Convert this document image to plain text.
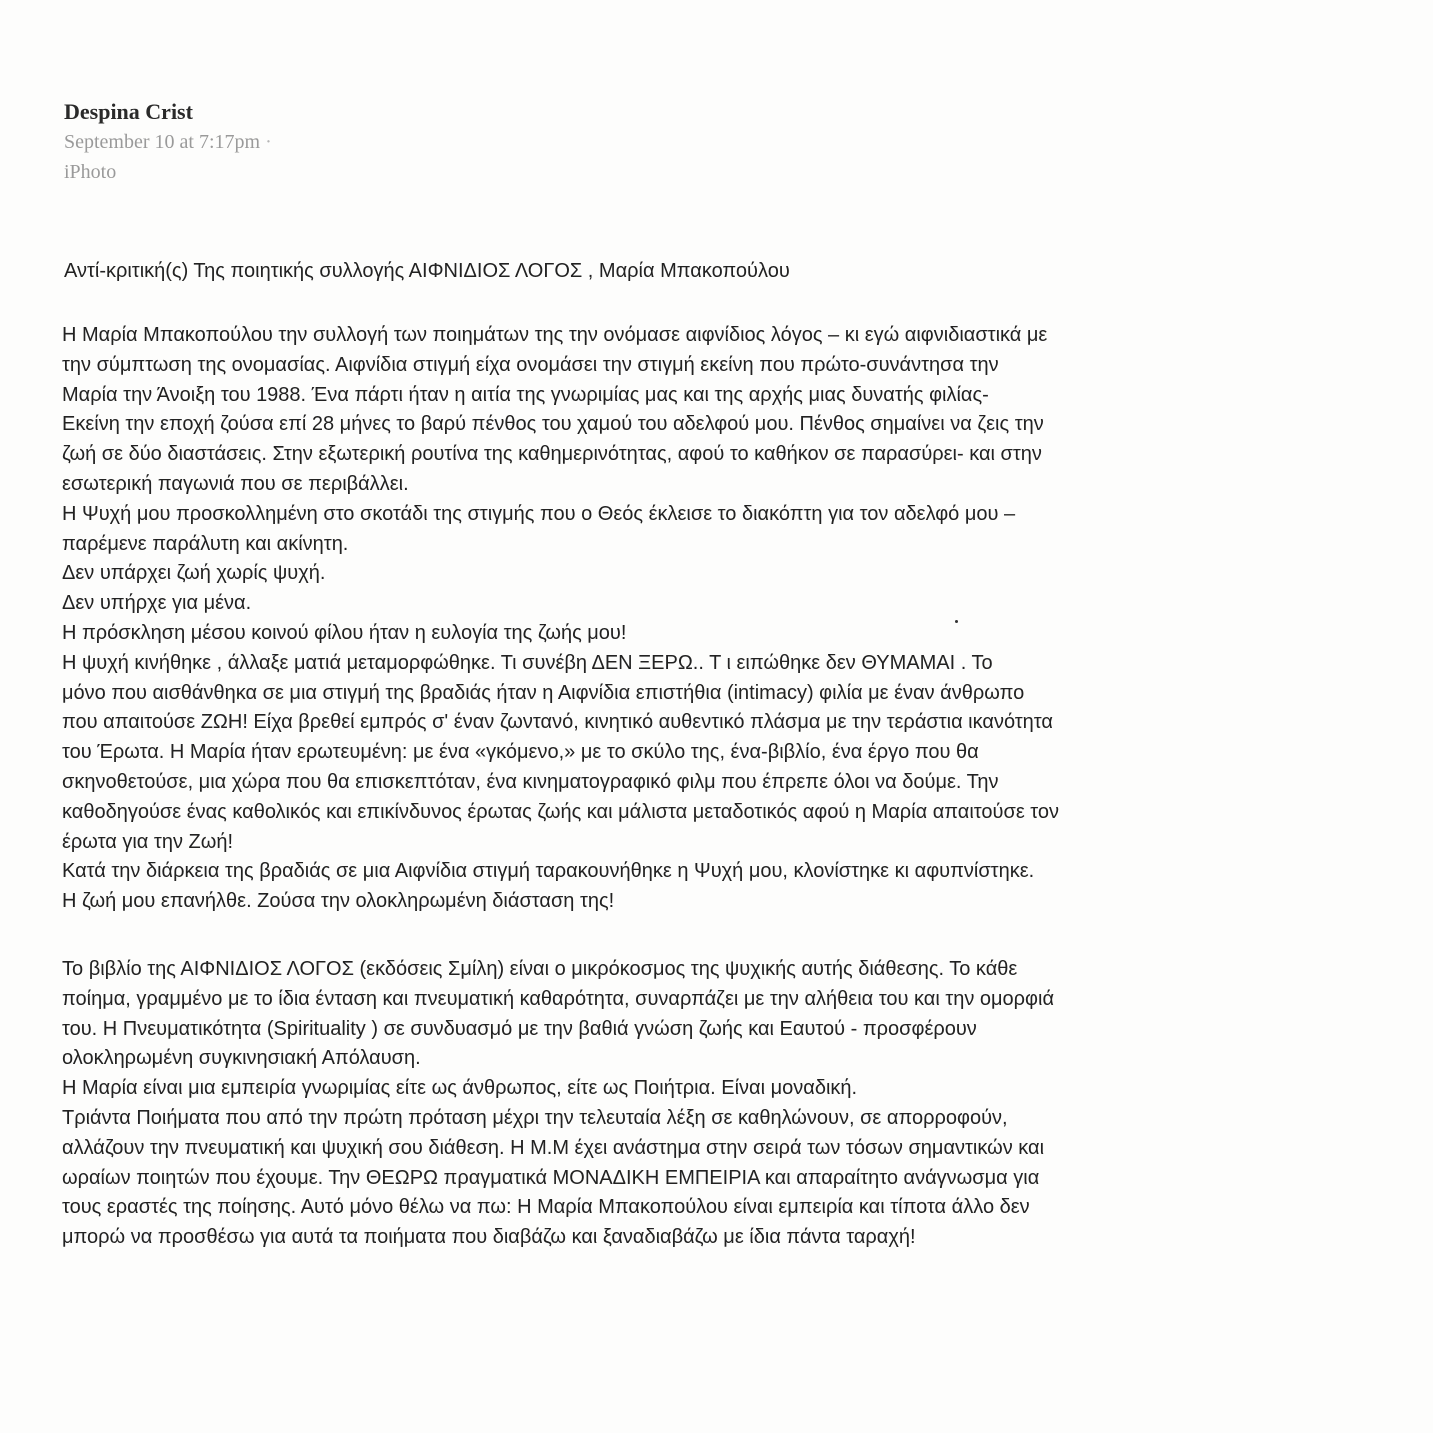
Despina Crist

September 10 at 7:17pm ·

iPhoto

Αντί-κριτική(ς) Της ποιητικής συλλογής ΑΙΦΝΙΔΙΟΣ ΛΟΓΟΣ , Μαρία Μπακοπούλου
Η Μαρία Μπακοπούλου την συλλογή των ποιημάτων της την ονόμασε αιφνίδιος λόγος – κι εγώ αιφνιδιαστικά με
την σύμπτωση της ονομασίας. Αιφνίδια στιγμή είχα ονομάσει την στιγμή εκείνη που πρώτο-συνάντησα την
Μαρία την Άνοιξη του 1988. Ένα πάρτι ήταν η αιτία της γνωριμίας μας και της αρχής μιας δυνατής φιλίας-
Εκείνη την εποχή ζούσα επί 28 μήνες το βαρύ πένθος του χαμού του αδελφού μου. Πένθος σημαίνει να ζεις την
ζωή σε δύο διαστάσεις. Στην εξωτερική ρουτίνα της καθημερινότητας, αφού το καθήκον σε παρασύρει- και στην
εσωτερική παγωνιά που σε περιβάλλει.
Η Ψυχή μου προσκολλημένη στο σκοτάδι της στιγμής που ο Θεός έκλεισε το διακόπτη για τον αδελφό μου –
παρέμενε παράλυτη και ακίνητη.
Δεν υπάρχει ζωή χωρίς ψυχή.
Δεν υπήρχε για μένα.
Η πρόσκληση μέσου κοινού φίλου ήταν η ευλογία της ζωής μου!
Η ψυχή κινήθηκε , άλλαξε ματιά μεταμορφώθηκε. Τι συνέβη ΔΕΝ ΞΕΡΩ.. Τ ι ειπώθηκε δεν ΘΥΜΑΜΑΙ . Το
μόνο που αισθάνθηκα σε μια στιγμή της βραδιάς ήταν η Αιφνίδια επιστήθια (intimacy) φιλία με έναν άνθρωπο
που απαιτούσε ΖΩΗ! Είχα βρεθεί εμπρός σ' έναν ζωντανό, κινητικό αυθεντικό πλάσμα με την τεράστια ικανότητα
του Έρωτα. Η Μαρία ήταν ερωτευμένη: με ένα «γκόμενο,» με το σκύλο της, ένα-βιβλίο, ένα έργο που θα
σκηνοθετούσε, μια χώρα που θα επισκεπτόταν, ένα κινηματογραφικό φιλμ που έπρεπε όλοι να δούμε. Την
καθοδηγούσε ένας καθολικός και επικίνδυνος έρωτας ζωής και μάλιστα μεταδοτικός αφού η Μαρία απαιτούσε τον
έρωτα για την Ζωή!
Κατά την διάρκεια της βραδιάς σε μια Αιφνίδια στιγμή ταρακουνήθηκε η Ψυχή μου, κλονίστηκε κι αφυπνίστηκε.
Η ζωή μου επανήλθε. Ζούσα την ολοκληρωμένη διάσταση της!
Το βιβλίο της ΑΙΦΝΙΔΙΟΣ ΛΟΓΟΣ (εκδόσεις Σμίλη) είναι ο μικρόκοσμος της ψυχικής αυτής διάθεσης. Το κάθε
ποίημα, γραμμένο με το ίδια ένταση και πνευματική καθαρότητα, συναρπάζει με την αλήθεια του και την ομορφιά
του. Η Πνευματικότητα (Spirituality ) σε συνδυασμό με την βαθιά γνώση ζωής και Εαυτού - προσφέρουν
ολοκληρωμένη συγκινησιακή Απόλαυση.
Η Μαρία είναι μια εμπειρία γνωριμίας είτε ως άνθρωπος, είτε ως Ποιήτρια. Είναι μοναδική.
Τριάντα Ποιήματα που από την πρώτη πρόταση μέχρι την τελευταία λέξη σε καθηλώνουν, σε απορροφούν,
αλλάζουν την πνευματική και ψυχική σου διάθεση. Η Μ.Μ έχει ανάστημα στην σειρά των τόσων σημαντικών και
ωραίων ποιητών που έχουμε. Την ΘΕΩΡΩ πραγματικά ΜΟΝΑΔΙΚΗ ΕΜΠΕΙΡΙΑ και απαραίτητο ανάγνωσμα για
τους εραστές της ποίησης. Αυτό μόνο θέλω να πω: Η Μαρία Μπακοπούλου είναι εμπειρία και τίποτα άλλο δεν
μπορώ να προσθέσω για αυτά τα ποιήματα που διαβάζω και ξαναδιαβάζω με ίδια πάντα ταραχή!
